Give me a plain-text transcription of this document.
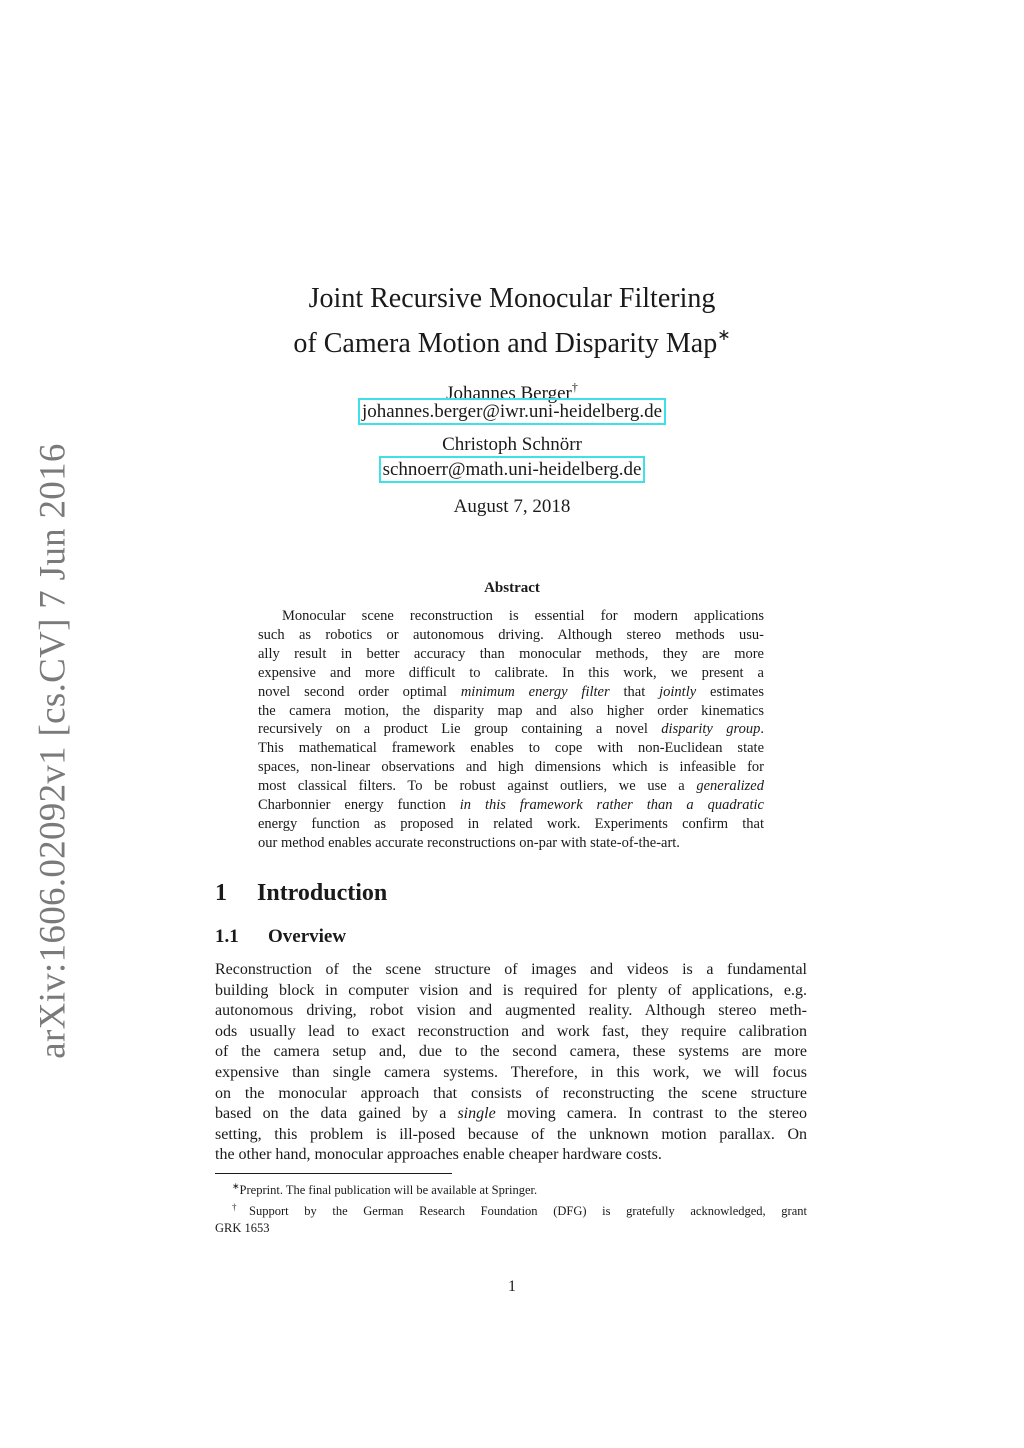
arXiv:1606.02092v1 [cs.CV] 7 Jun 2016
Joint Recursive Monocular Filtering
of Camera Motion and Disparity Map∗
Johannes Berger†
johannes.berger@iwr.uni-heidelberg.de
Christoph Schnörr
schnoerr@math.uni-heidelberg.de
August 7, 2018
Abstract
Monocular scene reconstruction is essential for modern applications
such as robotics or autonomous driving. Although stereo methods usu-
ally result in better accuracy than monocular methods, they are more
expensive and more difficult to calibrate. In this work, we present a
novel second order optimal minimum energy filter that jointly estimates
the camera motion, the disparity map and also higher order kinematics
recursively on a product Lie group containing a novel disparity group.
This mathematical framework enables to cope with non-Euclidean state
spaces, non-linear observations and high dimensions which is infeasible for
most classical filters. To be robust against outliers, we use a generalized
Charbonnier energy function in this framework rather than a quadratic
energy function as proposed in related work. Experiments confirm that
our method enables accurate reconstructions on-par with state-of-the-art.
1 Introduction
1.1 Overview
Reconstruction of the scene structure of images and videos is a fundamental
building block in computer vision and is required for plenty of applications, e.g.
autonomous driving, robot vision and augmented reality. Although stereo meth-
ods usually lead to exact reconstruction and work fast, they require calibration
of the camera setup and, due to the second camera, these systems are more
expensive than single camera systems. Therefore, in this work, we will focus
on the monocular approach that consists of reconstructing the scene structure
based on the data gained by a single moving camera. In contrast to the stereo
setting, this problem is ill-posed because of the unknown motion parallax. On
the other hand, monocular approaches enable cheaper hardware costs.
∗Preprint. The final publication will be available at Springer.
†Support by the German Research Foundation (DFG) is gratefully acknowledged, grant
GRK 1653
1
